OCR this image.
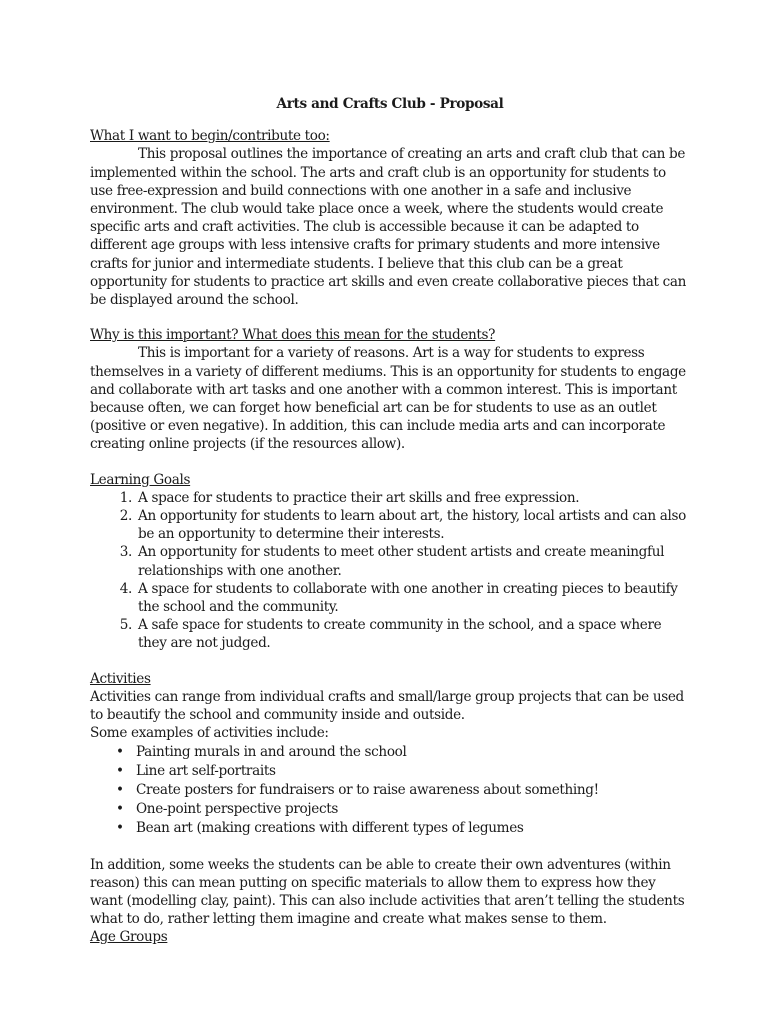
Arts and Crafts Club - Proposal

What I want to begin/contribute too:

This proposal outlines the importance of creating an arts and craft club that can be implemented within the school. The arts and craft club is an opportunity for students to use free-expression and build connections with one another in a safe and inclusive environment. The club would take place once a week, where the students would create specific arts and craft activities. The club is accessible because it can be adapted to different age groups with less intensive crafts for primary students and more intensive crafts for junior and intermediate students. I believe that this club can be a great opportunity for students to practice art skills and even create collaborative pieces that can be displayed around the school.

Why is this important? What does this mean for the students?

This is important for a variety of reasons. Art is a way for students to express themselves in a variety of different mediums. This is an opportunity for students to engage and collaborate with art tasks and one another with a common interest. This is important because often, we can forget how beneficial art can be for students to use as an outlet (positive or even negative). In addition, this can include media arts and can incorporate creating online projects (if the resources allow).

Learning Goals

1. A space for students to practice their art skills and free expression.
2. An opportunity for students to learn about art, the history, local artists and can also be an opportunity to determine their interests.
3. An opportunity for students to meet other student artists and create meaningful relationships with one another.
4. A space for students to collaborate with one another in creating pieces to beautify the school and the community.
5. A safe space for students to create community in the school, and a space where they are not judged.

Activities

Activities can range from individual crafts and small/large group projects that can be used to beautify the school and community inside and outside.

Some examples of activities include:

• Painting murals in and around the school
• Line art self-portraits
• Create posters for fundraisers or to raise awareness about something!
• One-point perspective projects
• Bean art (making creations with different types of legumes

In addition, some weeks the students can be able to create their own adventures (within reason) this can mean putting on specific materials to allow them to express how they want (modelling clay, paint). This can also include activities that aren’t telling the students what to do, rather letting them imagine and create what makes sense to them.

Age Groups
